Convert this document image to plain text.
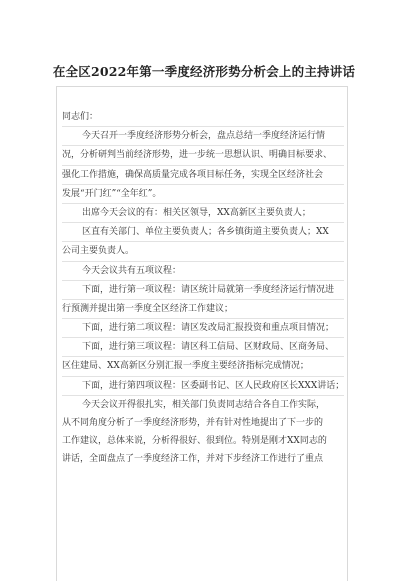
在全区2022年第一季度经济形势分析会上的主持讲话
同志们：
今天召开一季度经济形势分析会，盘点总结一季度经济运行情
况，分析研判当前经济形势，进一步统一思想认识、明确目标要求、
强化工作措施，确保高质量完成各项目标任务，实现全区经济社会
发展“开门红”“全年红”。
出席今天会议的有：相关区领导，XX高新区主要负责人；
区直有关部门、单位主要负责人；各乡镇街道主要负责人；XX
公司主要负责人。
今天会议共有五项议程：
下面，进行第一项议程：请区统计局就第一季度经济运行情况进
行预测并提出第一季度全区经济工作建议；
下面，进行第二项议程：请区发改局汇报投资和重点项目情况；
下面，进行第三项议程：请区科工信局、区财政局、区商务局、
区住建局、XX高新区分别汇报一季度主要经济指标完成情况；
下面，进行第四项议程：区委副书记、区人民政府区长XXX讲话；
今天会议开得很扎实，相关部门负责同志结合各自工作实际，
从不同角度分析了一季度经济形势，并有针对性地提出了下一步的
工作建议，总体来说，分析得很好、很到位。特别是刚才XX同志的
讲话，全面盘点了一季度经济工作，并对下步经济工作进行了重点
